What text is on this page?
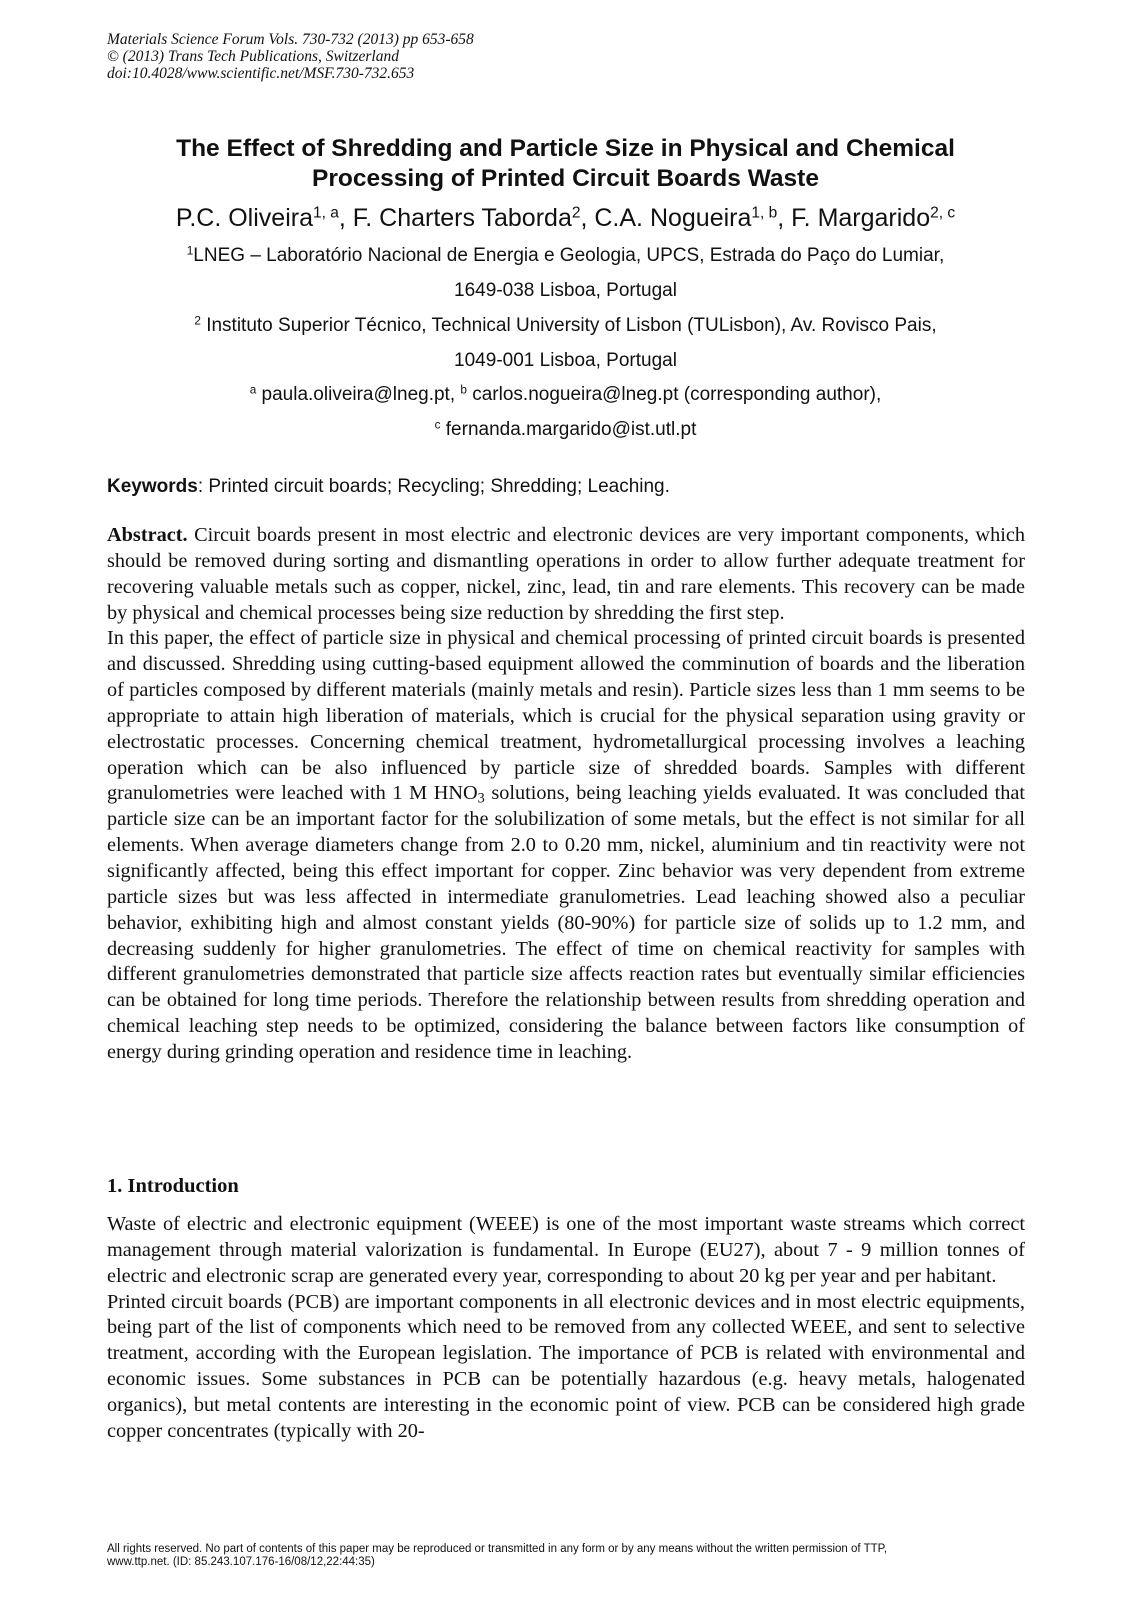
Materials Science Forum Vols. 730-732 (2013) pp 653-658
© (2013) Trans Tech Publications, Switzerland
doi:10.4028/www.scientific.net/MSF.730-732.653
The Effect of Shredding and Particle Size in Physical and Chemical
Processing of Printed Circuit Boards Waste
P.C. Oliveira$^{1, a}$, F. Charters Taborda$^2$, C.A. Nogueira$^{1, b}$, F. Margarido$^{2, c}$
$^1$LNEG – Laboratório Nacional de Energia e Geologia, UPCS, Estrada do Paço do Lumiar,
1649-038 Lisboa, Portugal
$^2$ Instituto Superior Técnico, Technical University of Lisbon (TULisbon), Av. Rovisco Pais,
1049-001 Lisboa, Portugal
$^a$ paula.oliveira@lneg.pt, $^b$ carlos.nogueira@lneg.pt (corresponding author),
$^c$ fernanda.margarido@ist.utl.pt
Keywords: Printed circuit boards; Recycling; Shredding; Leaching.

Abstract. Circuit boards present in most electric and electronic devices are very important components, which should be removed during sorting and dismantling operations in order to allow further adequate treatment for recovering valuable metals such as copper, nickel, zinc, lead, tin and rare elements. This recovery can be made by physical and chemical processes being size reduction by shredding the first step.

In this paper, the effect of particle size in physical and chemical processing of printed circuit boards is presented and discussed. Shredding using cutting-based equipment allowed the comminution of boards and the liberation of particles composed by different materials (mainly metals and resin). Particle sizes less than 1 mm seems to be appropriate to attain high liberation of materials, which is crucial for the physical separation using gravity or electrostatic processes. Concerning chemical treatment, hydrometallurgical processing involves a leaching operation which can be also influenced by particle size of shredded boards. Samples with different granulometries were leached with 1 M $HNO_3$ solutions, being leaching yields evaluated. It was concluded that particle size can be an important factor for the solubilization of some metals, but the effect is not similar for all elements. When average diameters change from 2.0 to 0.20 mm, nickel, aluminium and tin reactivity were not significantly affected, being this effect important for copper. Zinc behavior was very dependent from extreme particle sizes but was less affected in intermediate granulometries. Lead leaching showed also a peculiar behavior, exhibiting high and almost constant yields (80-90%) for particle size of solids up to 1.2 mm, and decreasing suddenly for higher granulometries. The effect of time on chemical reactivity for samples with different granulometries demonstrated that particle size affects reaction rates but eventually similar efficiencies can be obtained for long time periods. Therefore the relationship between results from shredding operation and chemical leaching step needs to be optimized, considering the balance between factors like consumption of energy during grinding operation and residence time in leaching.

1. Introduction

Waste of electric and electronic equipment (WEEE) is one of the most important waste streams which correct management through material valorization is fundamental. In Europe (EU27), about 7 - 9 million tonnes of electric and electronic scrap are generated every year, corresponding to about 20 kg per year and per habitant.

Printed circuit boards (PCB) are important components in all electronic devices and in most electric equipments, being part of the list of components which need to be removed from any collected WEEE, and sent to selective treatment, according with the European legislation. The importance of PCB is related with environmental and economic issues. Some substances in PCB can be potentially hazardous (e.g. heavy metals, halogenated organics), but metal contents are interesting in the economic point of view. PCB can be considered high grade copper concentrates (typically with 20-

All rights reserved. No part of contents of this paper may be reproduced or transmitted in any form or by any means without the written permission of TTP,
www.ttp.net. (ID: 85.243.107.176-16/08/12,22:44:35)
